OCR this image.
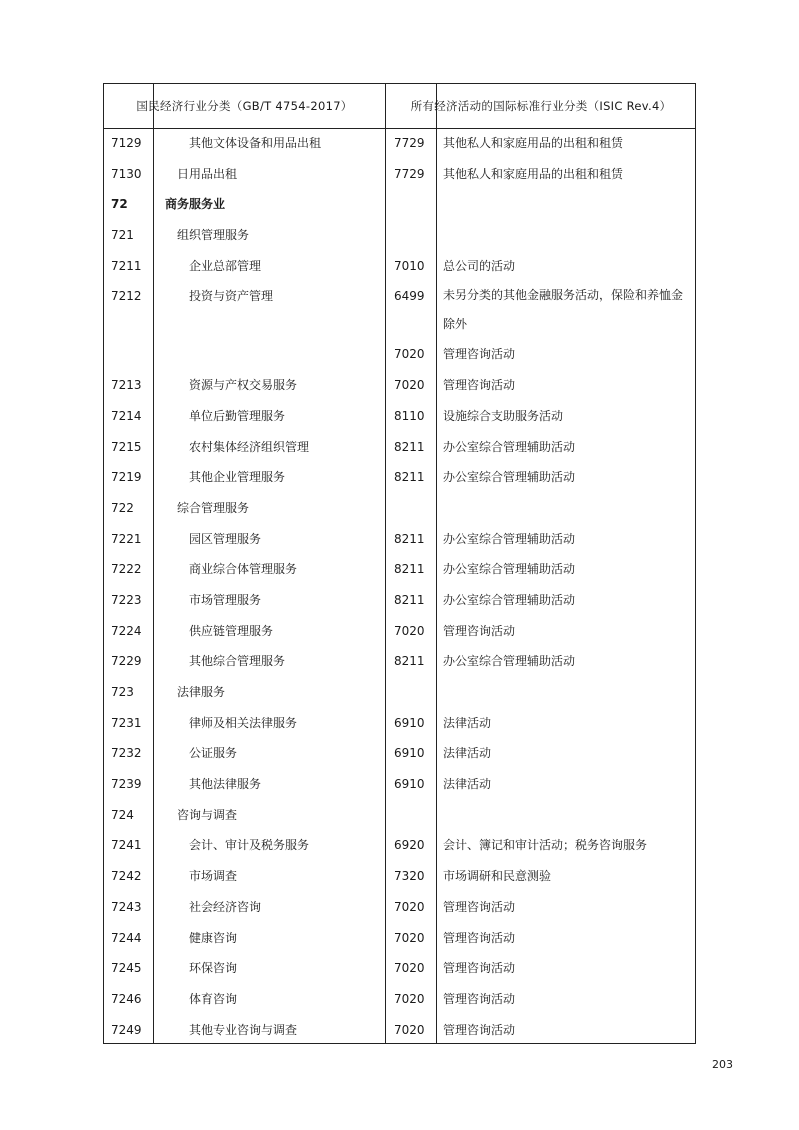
国民经济行业分类（GB/T 4754-2017）	所有经济活动的国际标准行业分类（ISIC Rev.4）
7129	其他文体设备和用品出租	7729 其他私人和家庭用品的出租和租赁
7130	日用品出租	7729 其他私人和家庭用品的出租和租赁
72	商务服务业
721	组织管理服务
7211	企业总部管理	7010 总公司的活动
7212	投资与资产管理	6499 未另分类的其他金融服务活动，保险和养恤金除外
7020 管理咨询活动
7213	资源与产权交易服务	7020 管理咨询活动
7214	单位后勤管理服务	8110 设施综合支助服务活动
7215	农村集体经济组织管理	8211 办公室综合管理辅助活动
7219	其他企业管理服务	8211 办公室综合管理辅助活动
722	综合管理服务
7221	园区管理服务	8211 办公室综合管理辅助活动
7222	商业综合体管理服务	8211 办公室综合管理辅助活动
7223	市场管理服务	8211 办公室综合管理辅助活动
7224	供应链管理服务	7020 管理咨询活动
7229	其他综合管理服务	8211 办公室综合管理辅助活动
723	法律服务
7231	律师及相关法律服务	6910 法律活动
7232	公证服务	6910 法律活动
7239	其他法律服务	6910 法律活动
724	咨询与调查
7241	会计、审计及税务服务	6920 会计、簿记和审计活动；税务咨询服务
7242	市场调查	7320 市场调研和民意测验
7243	社会经济咨询	7020 管理咨询活动
7244	健康咨询	7020 管理咨询活动
7245	环保咨询	7020 管理咨询活动
7246	体育咨询	7020 管理咨询活动
7249	其他专业咨询与调查	7020 管理咨询活动
203
